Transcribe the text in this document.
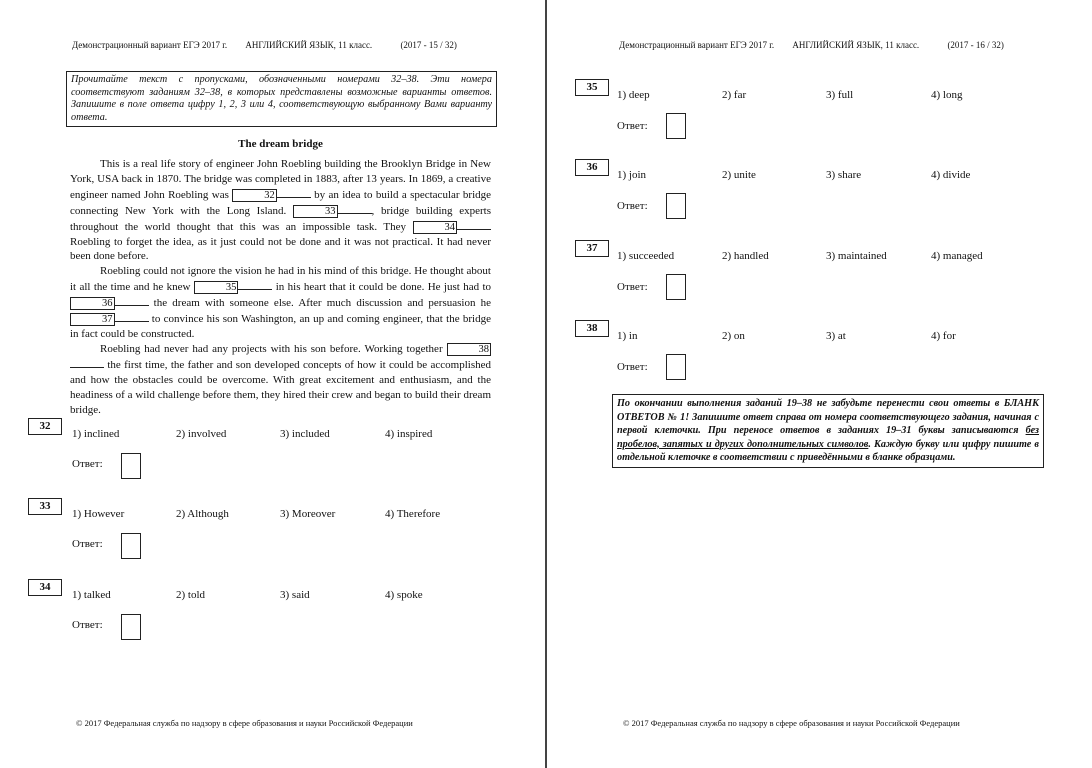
Демонстрационный вариант ЕГЭ 2017 г. АНГЛИЙСКИЙ ЯЗЫК, 11 класс.	(2017 - 15 / 32)
Прочитайте текст с пропусками, обозначенными номерами 32–38. Эти номера соответствуют заданиям 32–38, в которых представлены возможные варианты ответов. Запишите в поле ответа цифру 1, 2, 3 или 4, соответствующую выбранному Вами варианту ответа.
The dream bridge

This is a real life story of engineer John Roebling building the Brooklyn Bridge in New York, USA back in 1870. The bridge was completed in 1883, after 13 years. In 1869, a creative engineer named John Roebling was	32	by an idea to build a spectacular bridge connecting New York with the Long Island.	33	, bridge building experts throughout the world thought that this was an impossible task. They	34 Roebling to forget the idea, as it just could not be done and it was not practical. It had never been done before.

Roebling could not ignore the vision he had in his mind of this bridge. He thought about it all the time and he knew	35	in his heart that it could be done. He just had to 36	the dream with someone else. After much discussion and persuasion he 37	to convince his son Washington, an up and coming engineer, that the bridge in fact could be constructed.

Roebling had never had any projects with his son before. Working together	38 the first time, the father and son developed concepts of how it could be accomplished and how the obstacles could be overcome. With great excitement and enthusiasm, and the headiness of a wild challenge before them, they hired their crew and began to build their dream bridge.

32
1) inclined	2) involved	3) included	4) inspired
Ответ:
33
1) However	2) Although	3) Moreover	4) Therefore
Ответ:
34
1) talked	2) told	3) said	4) spoke
Ответ:
© 2017 Федеральная служба по надзору в сфере образования и науки Российской Федерации
Демонстрационный вариант ЕГЭ 2017 г. АНГЛИЙСКИЙ ЯЗЫК, 11 класс.	(2017 - 16 / 32)
35
1) deep	2) far	3) full	4) long
Ответ:
36
1) join	2) unite	3) share	4) divide
Ответ:
37
1) succeeded	2) handled	3) maintained	4) managed
Ответ:
38
1) in	2) on	3) at	4) for
Ответ:
По окончании выполнения заданий 19–38 не забудьте перенести свои ответы в БЛАНК ОТВЕТОВ № 1! Запишите ответ справа от номера соответствующего задания, начиная с первой клеточки. При переносе ответов в заданиях 19–31 буквы записываются без пробелов, запятых и других дополнительных символов. Каждую букву или цифру пишите в отдельной клеточке в соответствии с приведёнными в бланке образцами.
© 2017 Федеральная служба по надзору в сфере образования и науки Российской Федерации
